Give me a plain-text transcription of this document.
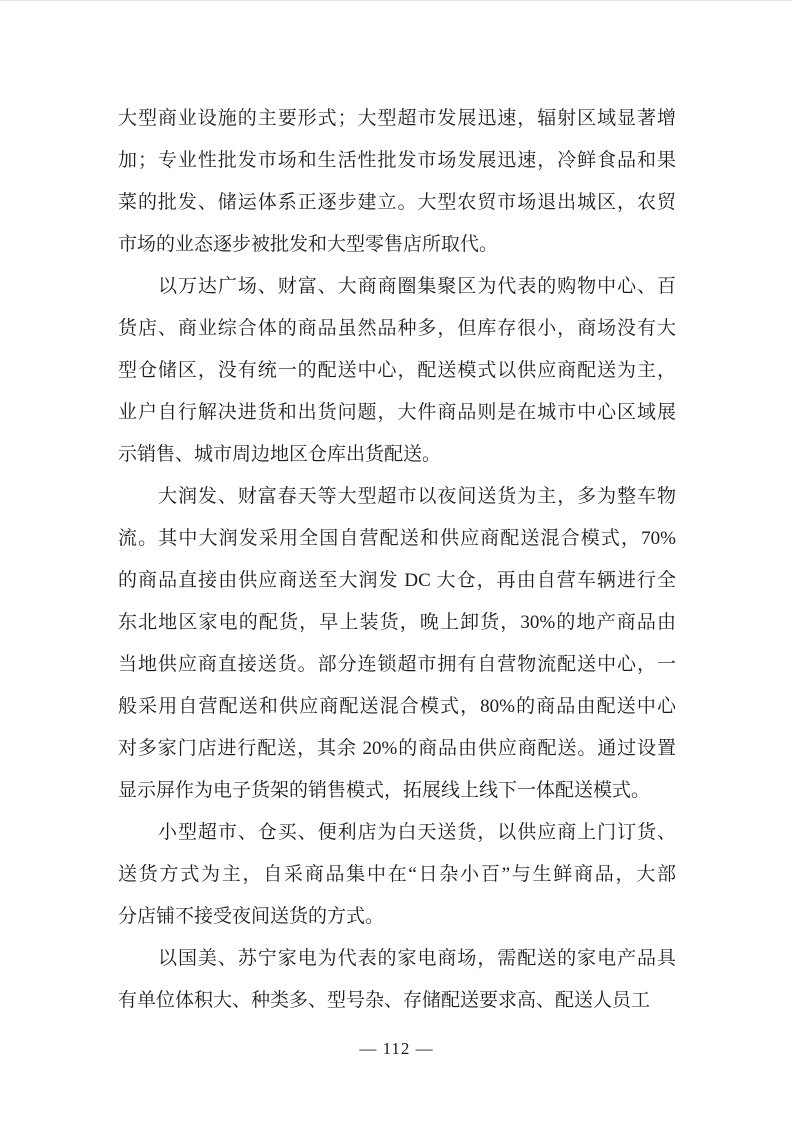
大型商业设施的主要形式；大型超市发展迅速，辐射区域显著增
加；专业性批发市场和生活性批发市场发展迅速，冷鲜食品和果
菜的批发、储运体系正逐步建立。大型农贸市场退出城区，农贸
市场的业态逐步被批发和大型零售店所取代。
以万达广场、财富、大商商圈集聚区为代表的购物中心、百
货店、商业综合体的商品虽然品种多，但库存很小，商场没有大
型仓储区，没有统一的配送中心，配送模式以供应商配送为主，
业户自行解决进货和出货问题，大件商品则是在城市中心区域展
示销售、城市周边地区仓库出货配送。
大润发、财富春天等大型超市以夜间送货为主，多为整车物
流。其中大润发采用全国自营配送和供应商配送混合模式，70%
的商品直接由供应商送至大润发 DC 大仓，再由自营车辆进行全
东北地区家电的配货，早上装货，晚上卸货，30%的地产商品由
当地供应商直接送货。部分连锁超市拥有自营物流配送中心，一
般采用自营配送和供应商配送混合模式，80%的商品由配送中心
对多家门店进行配送，其余 20%的商品由供应商配送。通过设置
显示屏作为电子货架的销售模式，拓展线上线下一体配送模式。
小型超市、仓买、便利店为白天送货，以供应商上门订货、
送货方式为主，自采商品集中在“日杂小百”与生鲜商品，大部
分店铺不接受夜间送货的方式。
以国美、苏宁家电为代表的家电商场，需配送的家电产品具
有单位体积大、种类多、型号杂、存储配送要求高、配送人员工
— 112 —
